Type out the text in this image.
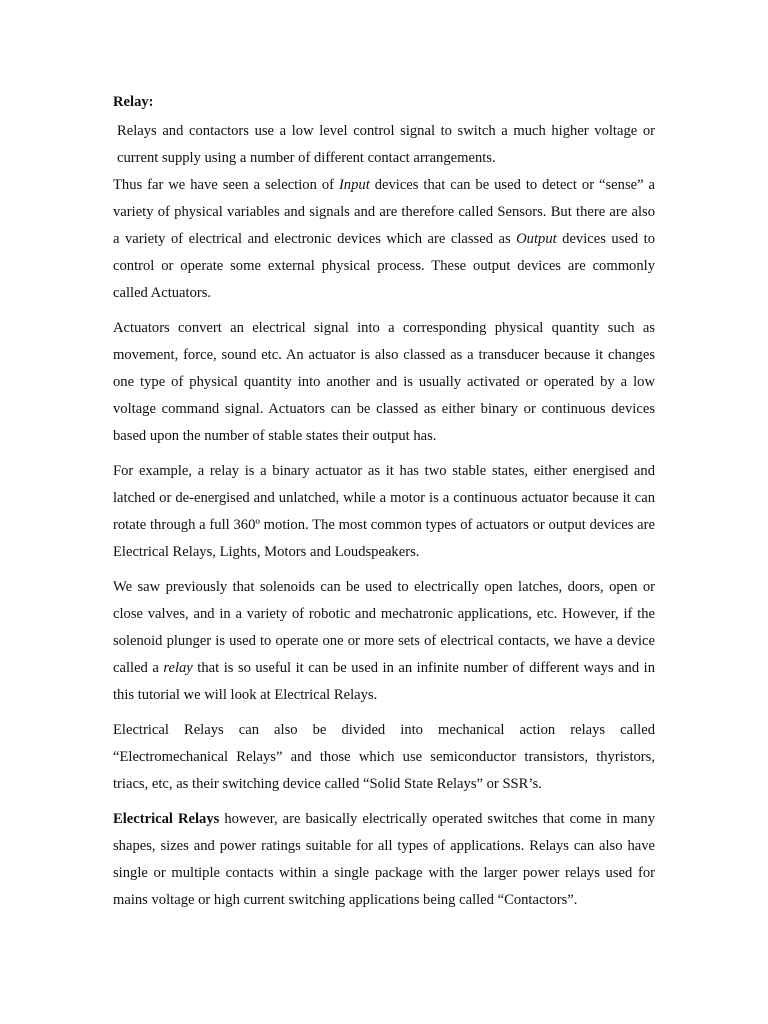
Relay:

Relays and contactors use a low level control signal to switch a much higher voltage or current supply using a number of different contact arrangements.

Thus far we have seen a selection of Input devices that can be used to detect or “sense” a variety of physical variables and signals and are therefore called Sensors. But there are also a variety of electrical and electronic devices which are classed as Output devices used to control or operate some external physical process. These output devices are commonly called Actuators.

Actuators convert an electrical signal into a corresponding physical quantity such as movement, force, sound etc. An actuator is also classed as a transducer because it changes one type of physical quantity into another and is usually activated or operated by a low voltage command signal. Actuators can be classed as either binary or continuous devices based upon the number of stable states their output has.

For example, a relay is a binary actuator as it has two stable states, either energised and latched or de-energised and unlatched, while a motor is a continuous actuator because it can rotate through a full 360º motion. The most common types of actuators or output devices are Electrical Relays, Lights, Motors and Loudspeakers.

We saw previously that solenoids can be used to electrically open latches, doors, open or close valves, and in a variety of robotic and mechatronic applications, etc. However, if the solenoid plunger is used to operate one or more sets of electrical contacts, we have a device called a relay that is so useful it can be used in an infinite number of different ways and in this tutorial we will look at Electrical Relays.

Electrical Relays can also be divided into mechanical action relays called “Electromechanical Relays” and those which use semiconductor transistors, thyristors, triacs, etc, as their switching device called “Solid State Relays” or SSR’s.

Electrical Relays however, are basically electrically operated switches that come in many shapes, sizes and power ratings suitable for all types of applications. Relays can also have single or multiple contacts within a single package with the larger power relays used for mains voltage or high current switching applications being called “Contactors”.
